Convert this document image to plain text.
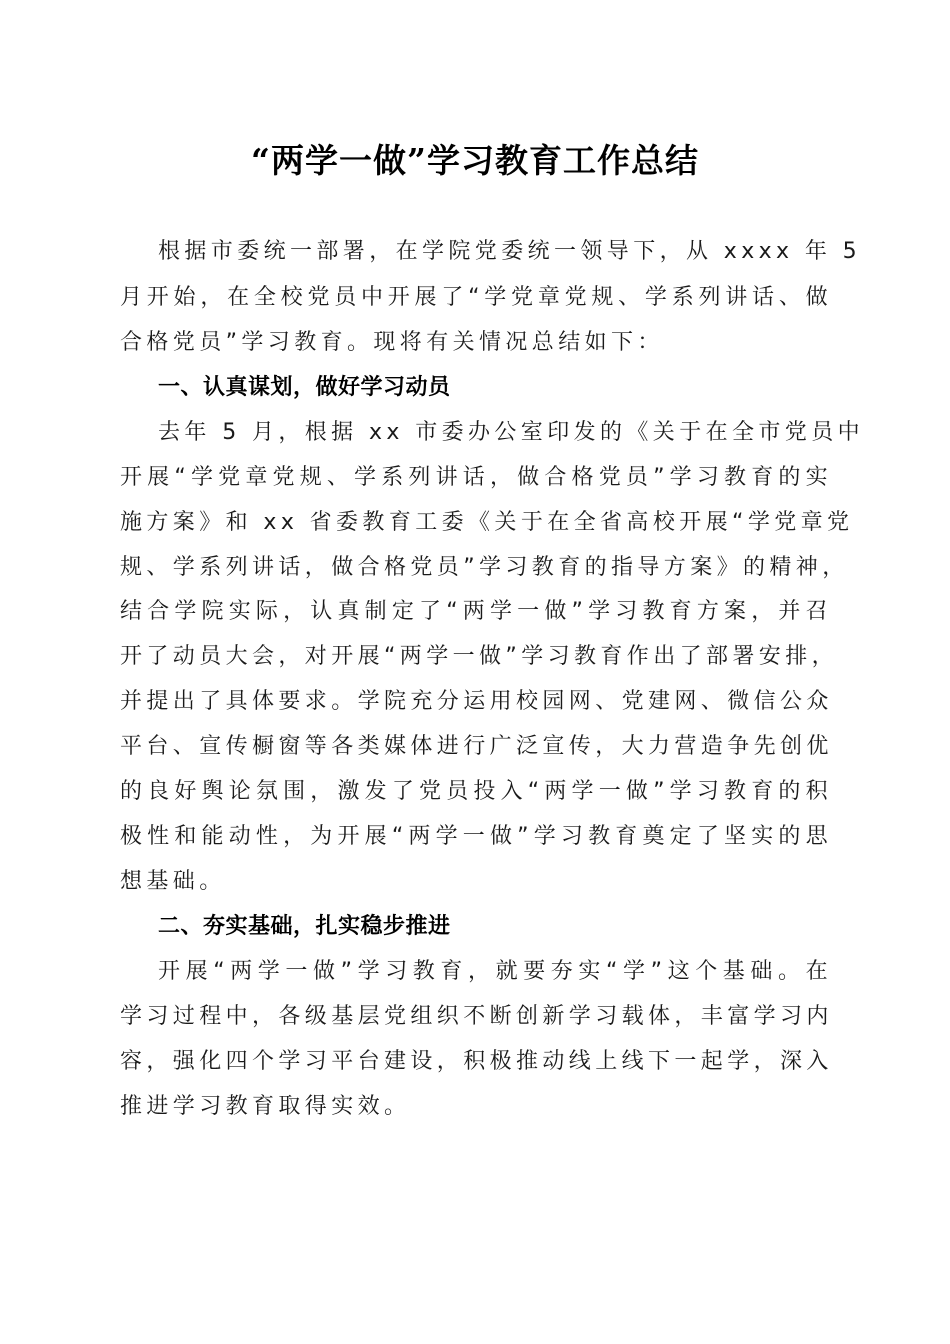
“两学一做”学习教育工作总结
根据市委统一部署，在学院党委统一领导下，从 xxxx 年 5
月开始，在全校党员中开展了“学党章党规、学系列讲话、做
合格党员”学习教育。现将有关情况总结如下：
一、认真谋划，做好学习动员
去年 5 月，根据 xx 市委办公室印发的《关于在全市党员中
开展“学党章党规、学系列讲话，做合格党员”学习教育的实
施方案》和 xx 省委教育工委《关于在全省高校开展“学党章党
规、学系列讲话，做合格党员”学习教育的指导方案》的精神，
结合学院实际，认真制定了“两学一做”学习教育方案，并召
开了动员大会，对开展“两学一做”学习教育作出了部署安排，
并提出了具体要求。学院充分运用校园网、党建网、微信公众
平台、宣传橱窗等各类媒体进行广泛宣传，大力营造争先创优
的良好舆论氛围，激发了党员投入“两学一做”学习教育的积
极性和能动性，为开展“两学一做”学习教育奠定了坚实的思
想基础。
二、夯实基础，扎实稳步推进
开展“两学一做”学习教育，就要夯实“学”这个基础。在
学习过程中，各级基层党组织不断创新学习载体，丰富学习内
容，强化四个学习平台建设，积极推动线上线下一起学，深入
推进学习教育取得实效。
